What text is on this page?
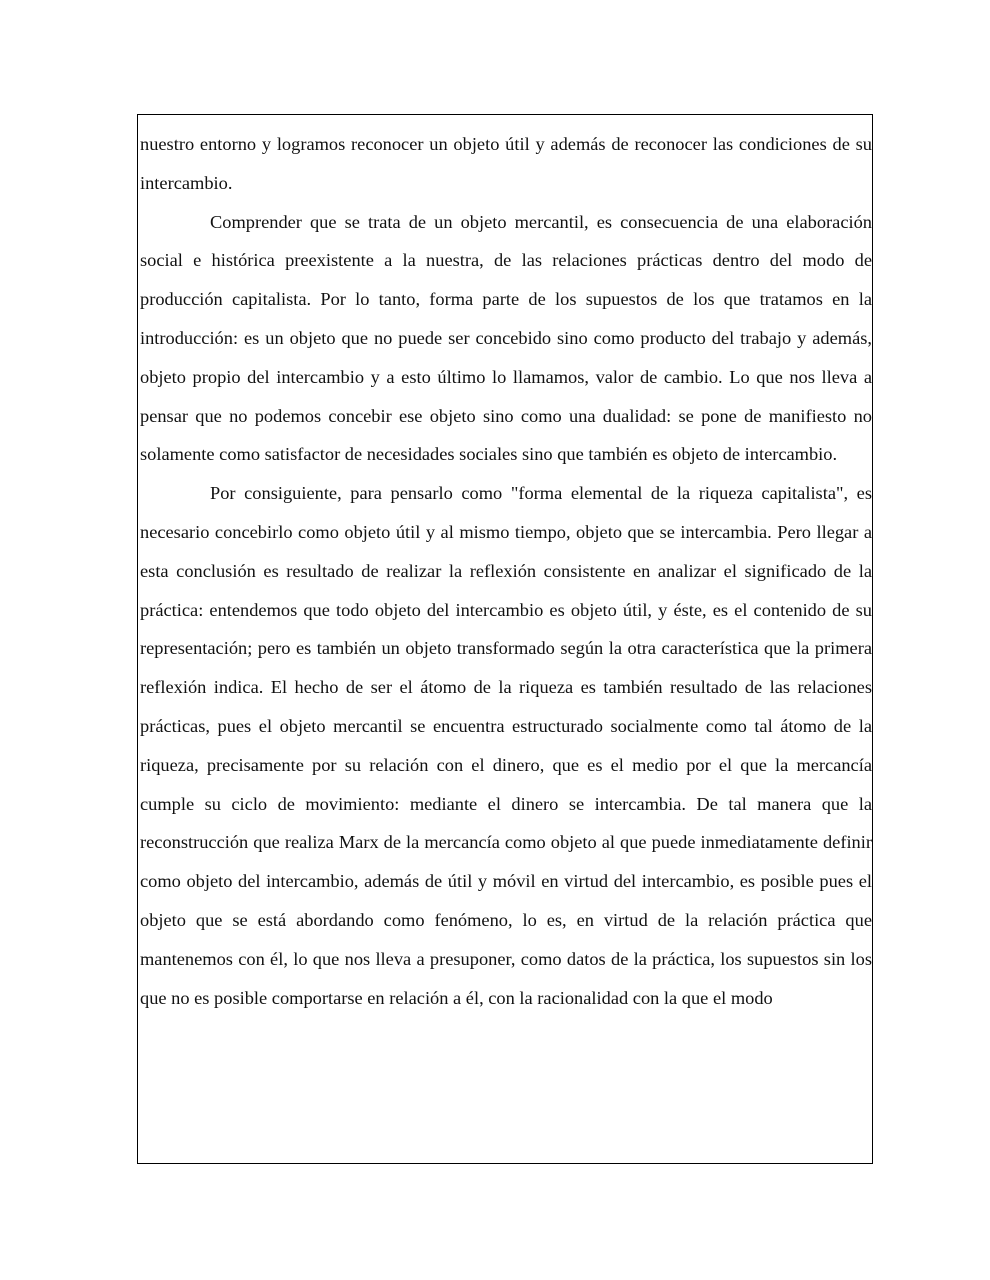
nuestro entorno y logramos reconocer un objeto útil y además de reconocer las condiciones de su intercambio.

Comprender que se trata de un objeto mercantil, es consecuencia de una elaboración social e histórica preexistente a la nuestra, de las relaciones prácticas dentro del modo de producción capitalista. Por lo tanto, forma parte de los supuestos de los que tratamos en la introducción: es un objeto que no puede ser concebido sino como producto del trabajo y además, objeto propio del intercambio y a esto último lo llamamos, valor de cambio. Lo que nos lleva a pensar que no podemos concebir ese objeto sino como una dualidad: se pone de manifiesto no solamente como satisfactor de necesidades sociales sino que también es objeto de intercambio.

Por consiguiente, para pensarlo como "forma elemental de la riqueza capitalista", es necesario concebirlo como objeto útil y al mismo tiempo, objeto que se intercambia. Pero llegar a esta conclusión es resultado de realizar la reflexión consistente en analizar el significado de la práctica: entendemos que todo objeto del intercambio es objeto útil, y éste, es el contenido de su representación; pero es también un objeto transformado según la otra característica que la primera reflexión indica. El hecho de ser el átomo de la riqueza es también resultado de las relaciones prácticas, pues el objeto mercantil se encuentra estructurado socialmente como tal átomo de la riqueza, precisamente por su relación con el dinero, que es el medio por el que la mercancía cumple su ciclo de movimiento: mediante el dinero se intercambia. De tal manera que la reconstrucción que realiza Marx de la mercancía como objeto al que puede inmediatamente definir como objeto del intercambio, además de útil y móvil en virtud del intercambio, es posible pues el objeto que se está abordando como fenómeno, lo es, en virtud de la relación práctica que mantenemos con él, lo que nos lleva a presuponer, como datos de la práctica, los supuestos sin los que no es posible comportarse en relación a él, con la racionalidad con la que el modo
